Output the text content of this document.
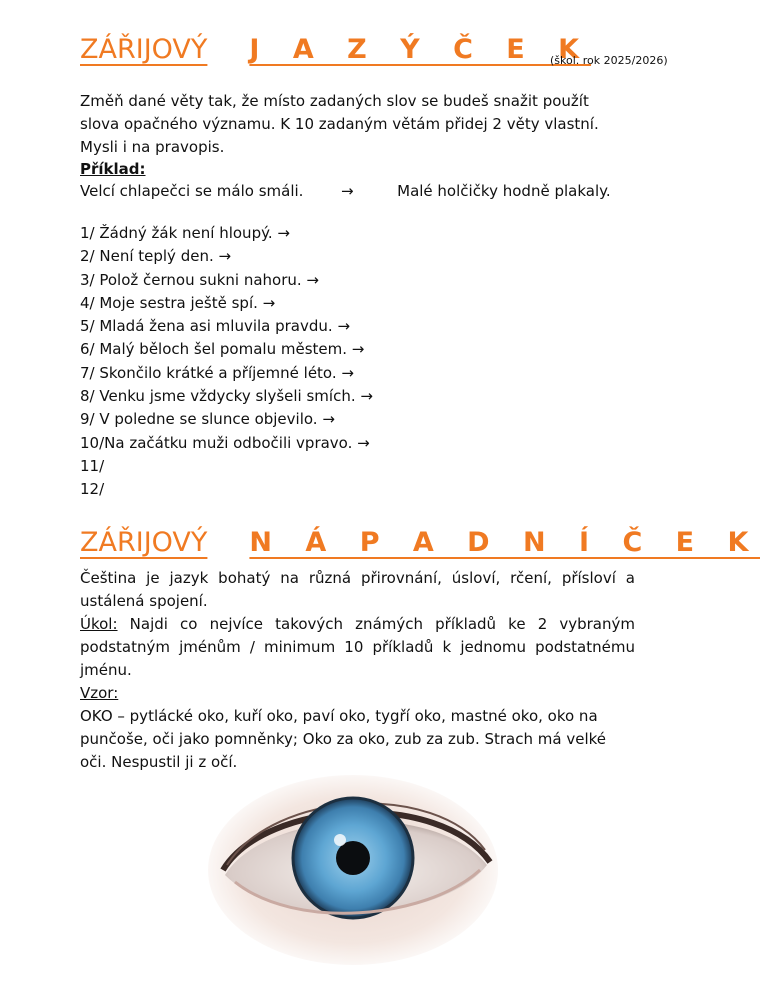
ZÁŘIJOVÝ J A Z Ý Č E K
(škol. rok 2025/2026)
Změň dané věty tak, že místo zadaných slov se budeš snažit použít slova opačného významu. K 10 zadaným větám přidej 2 věty vlastní. Mysli i na pravopis.
Příklad:
Velcí chlapečci se málo smáli.	→	Malé holčičky hodně plakaly.
1/ Žádný žák není hloupý. →
2/ Není teplý den. →
3/ Polož černou sukni nahoru. →
4/ Moje sestra ještě spí. →
5/ Mladá žena asi mluvila pravdu. →
6/ Malý běloch šel pomalu městem. →
7/ Skončilo krátké a příjemné léto. →
8/ Venku jsme vždycky slyšeli smích. →
9/ V poledne se slunce objevilo. →
10/Na začátku muži odbočili vpravo. →
11/
12/
ZÁŘIJOVÝ N Á P A D N Í Č E K
Čeština je jazyk bohatý na různá přirovnání, úsloví, rčení, přísloví a ustálená spojení.
Úkol: Najdi co nejvíce takových známých příkladů ke 2 vybraným podstatným jménům / minimum 10 příkladů k jednomu podstatnému jménu.
Vzor:
OKO – pytlácké oko, kuří oko, paví oko, tygří oko, mastné oko, oko na punčoše, oči jako pomněnky; Oko za oko, zub za zub. Strach má velké oči. Nespustil ji z očí.
